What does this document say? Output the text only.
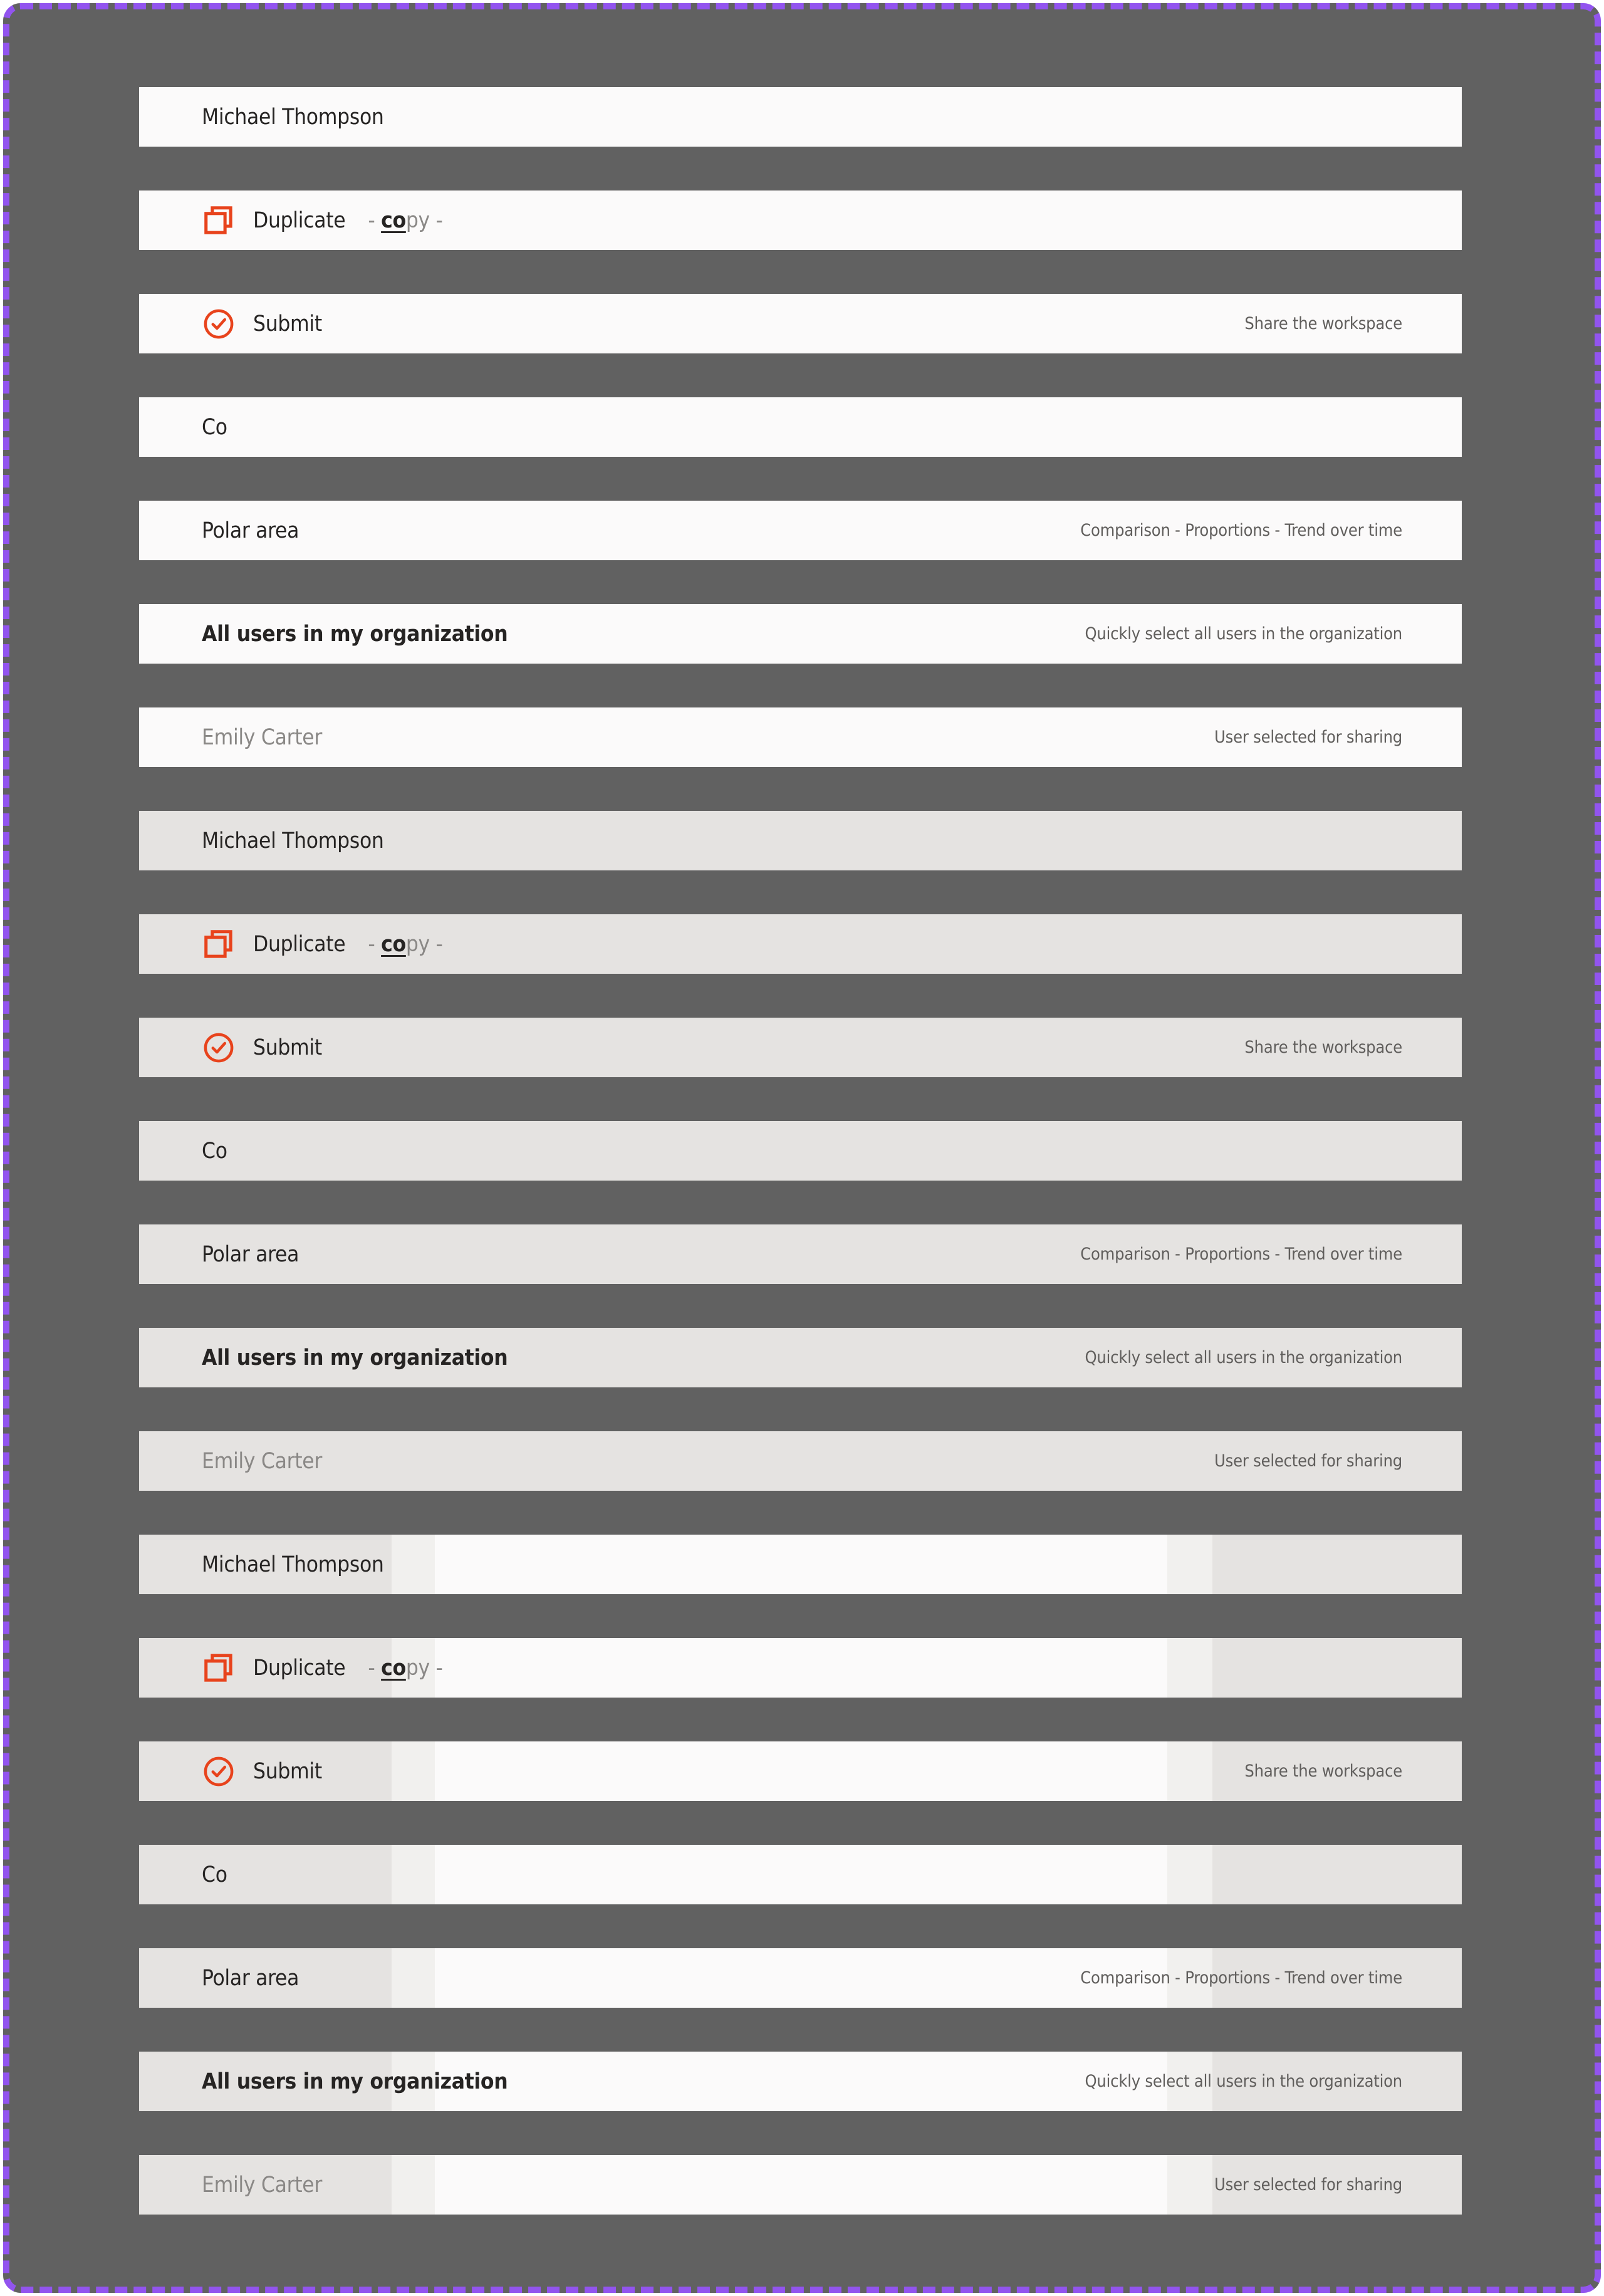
Michael Thompson
Duplicate - copy -
Submit	Share the workspace
Co
Polar area	Comparison - Proportions - Trend over time
All users in my organization	Quickly select all users in the organization
Emily Carter	User selected for sharing
Michael Thompson
Duplicate - copy -
Submit	Share the workspace
Co
Polar area	Comparison - Proportions - Trend over time
All users in my organization	Quickly select all users in the organization
Emily Carter	User selected for sharing
Michael Thompson
Duplicate - copy -
Submit	Share the workspace
Co
Polar area	Comparison - Proportions - Trend over time
All users in my organization	Quickly select all users in the organization
Emily Carter	User selected for sharing
